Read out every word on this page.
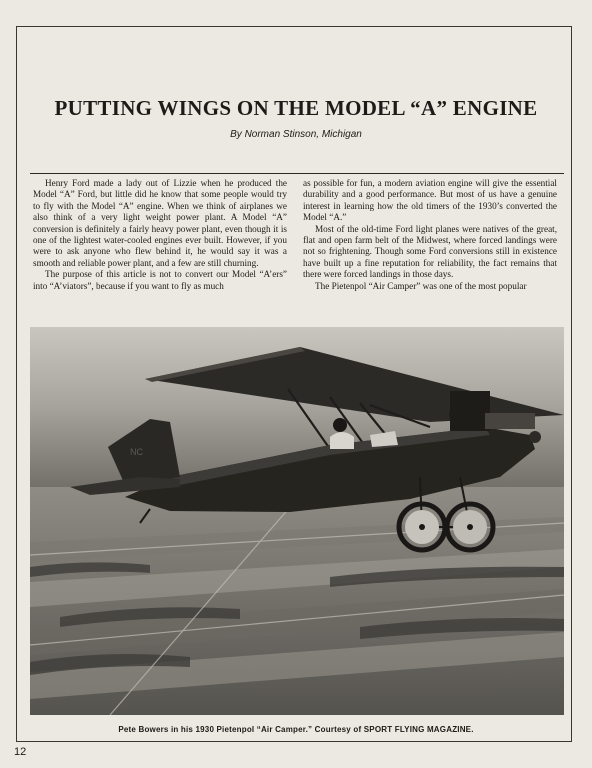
PUTTING WINGS ON THE MODEL “A” ENGINE
By Norman Stinson, Michigan

Henry Ford made a lady out of Lizzie when he produced the Model “A” Ford, but little did he know that some people would try to fly with the Model “A” engine. When we think of airplanes we also think of a very light weight power plant. A Model “A” conversion is definitely a fairly heavy power plant, even though it is one of the lightest water-cooled engines ever built. However, if you were to ask anyone who flew behind it, he would say it was a smooth and reliable power plant, and a few are still churning.

The purpose of this article is not to convert our Model “A’ers” into “A’viators”, because if you want to fly as much

as possible for fun, a modern aviation engine will give the essential durability and a good performance. But most of us have a genuine interest in learning how the old timers of the 1930’s converted the Model “A.”

Most of the old-time Ford light planes were natives of the great, flat and open farm belt of the Midwest, where forced landings were not so frightening. Though some Ford conversions still in existence have built up a fine reputation for reliability, the fact remains that there were forced landings in those days.

The Pietenpol “Air Camper” was one of the most popular

NC
Pete Bowers in his 1930 Pietenpol “Air Camper.” Courtesy of SPORT FLYING MAGAZINE.
12
